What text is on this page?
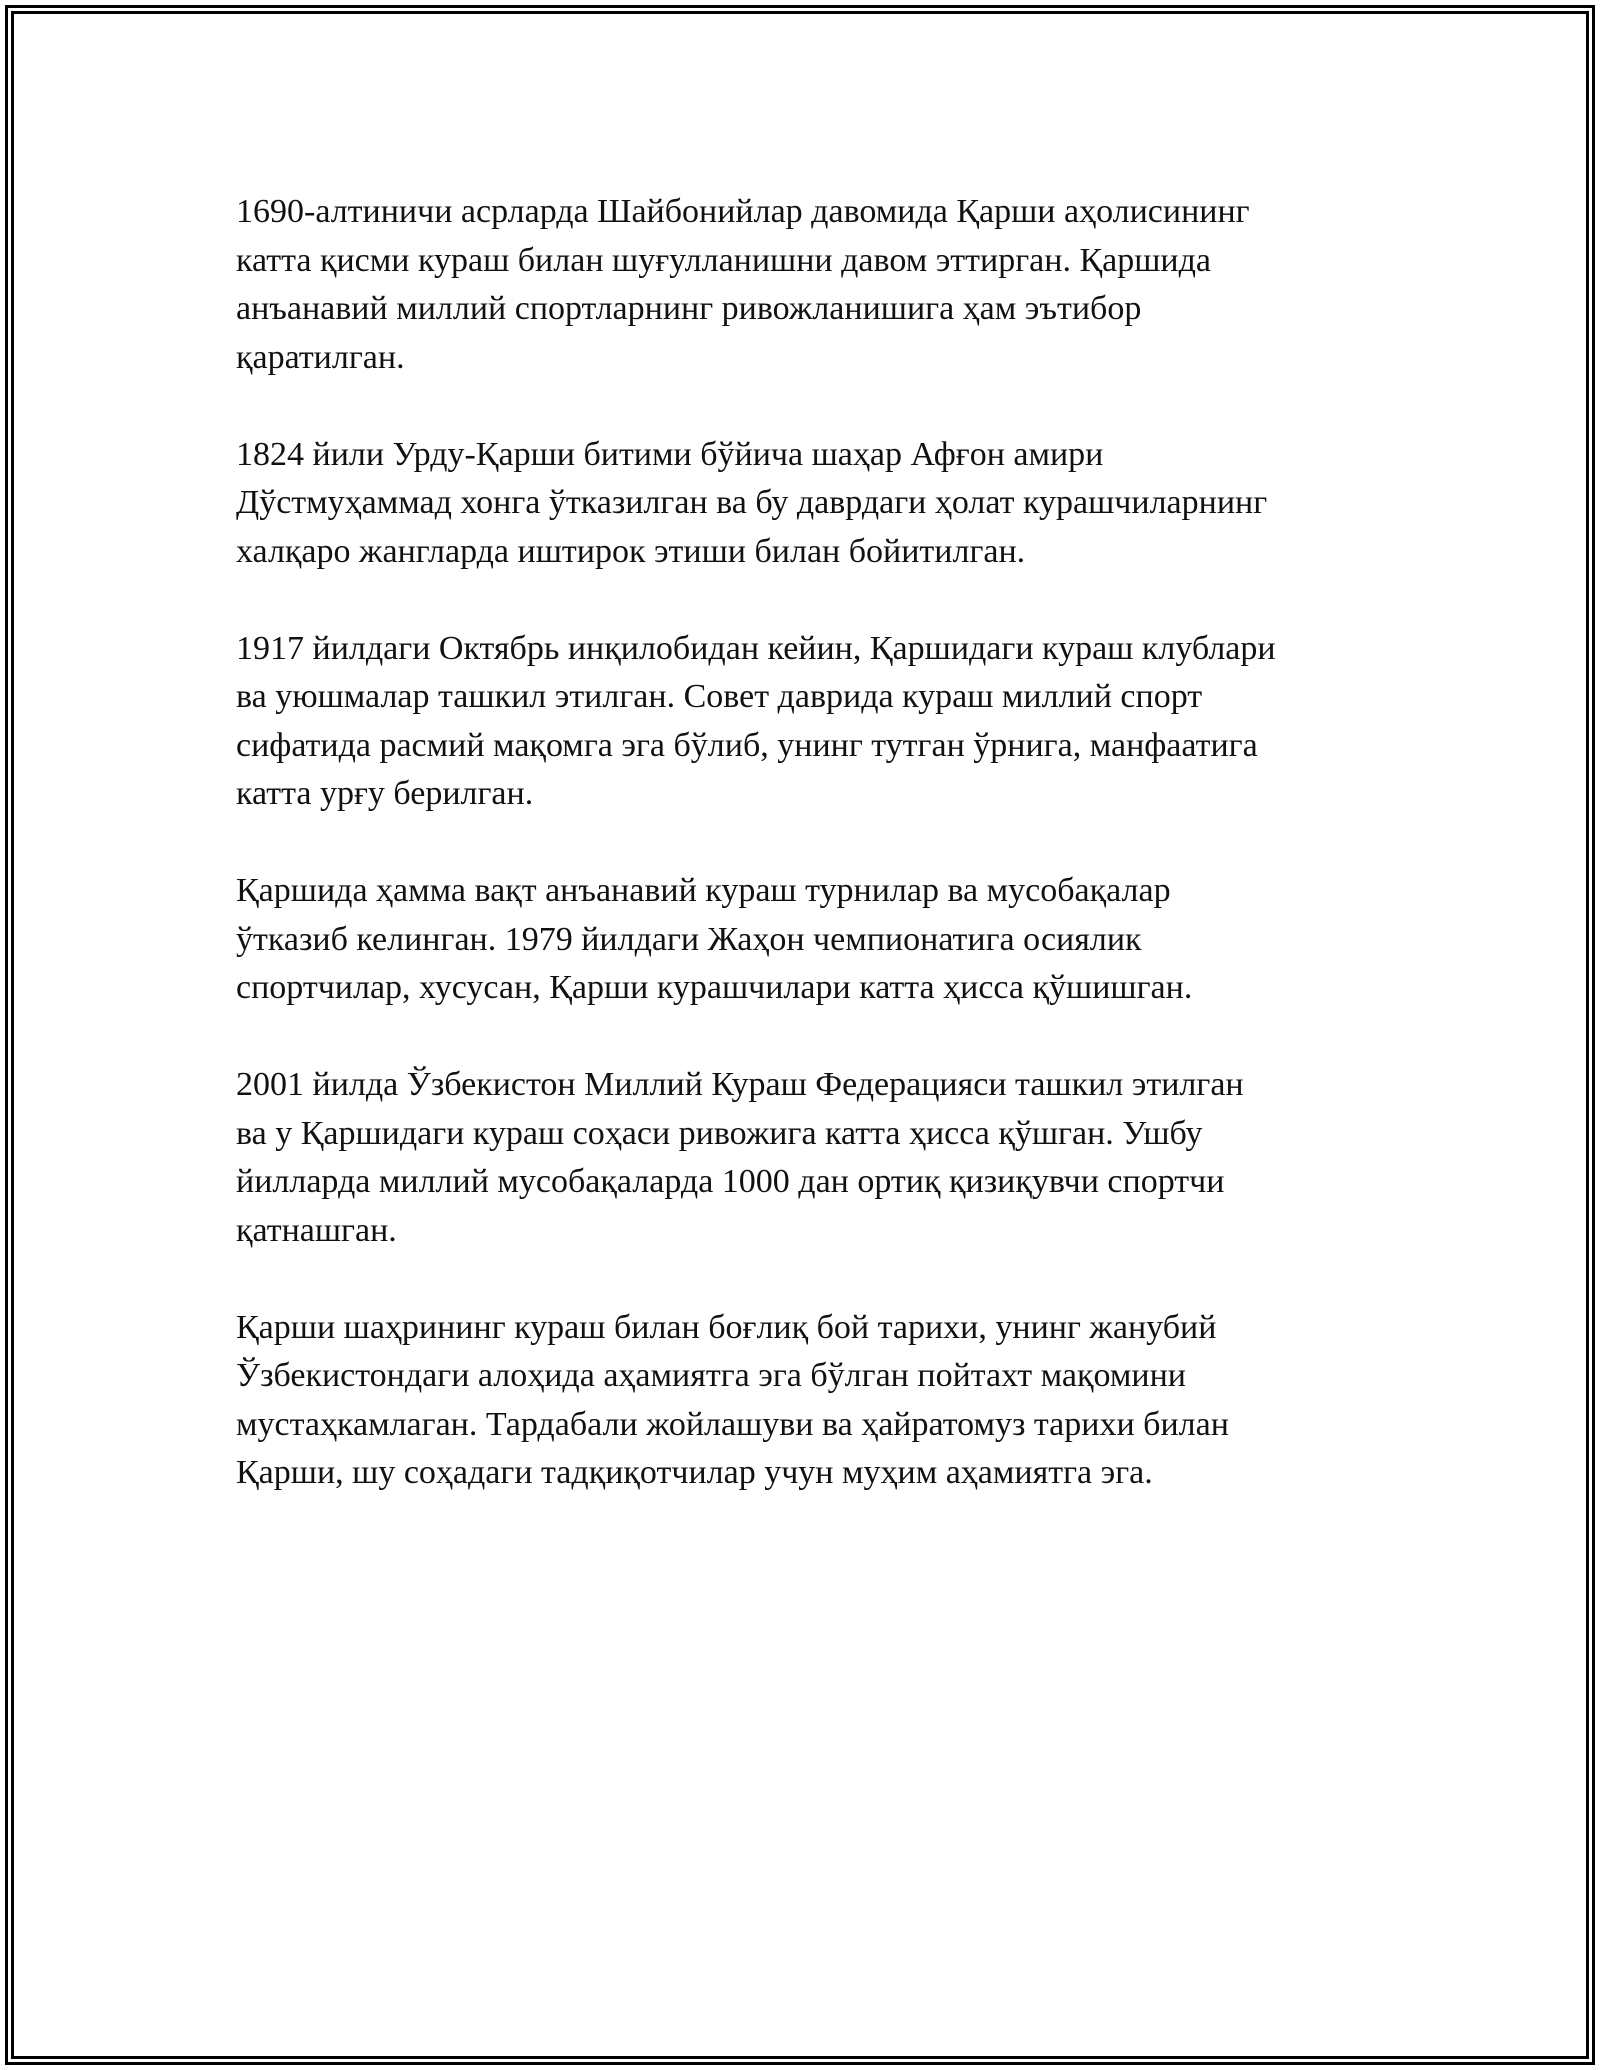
1690-алтиничи асрларда Шайбонийлар давомида Қарши аҳолисининг
катта қисми кураш билан шуғулланишни давом эттирган. Қаршида
анъанавий миллий спортларнинг ривожланишига ҳам эътибор
қаратилган.

1824 йили Урду-Қарши битими бўйича шаҳар Афғон амири
Дўстмуҳаммад хонга ўтказилган ва бу даврдаги ҳолат курашчиларнинг
халқаро жангларда иштирок этиши билан бойитилган.

1917 йилдаги Октябрь инқилобидан кейин, Қаршидаги кураш клублари
ва уюшмалар ташкил этилган. Совет даврида кураш миллий спорт
сифатида расмий мақомга эга бўлиб, унинг тутган ўрнига, манфаатига
катта урғу берилган.

Қаршида ҳамма вақт анъанавий кураш турнилар ва мусобақалар
ўтказиб келинган. 1979 йилдаги Жаҳон чемпионатига осиялик
спортчилар, хусусан, Қарши курашчилари катта ҳисса қўшишган.

2001 йилда Ўзбекистон Миллий Кураш Федерацияси ташкил этилган
ва у Қаршидаги кураш соҳаси ривожига катта ҳисса қўшган. Ушбу
йилларда миллий мусобақаларда 1000 дан ортиқ қизиқувчи спортчи
қатнашган.

Қарши шаҳрининг кураш билан боғлиқ бой тарихи, унинг жанубий
Ўзбекистондаги алоҳида аҳамиятга эга бўлган пойтахт мақомини
мустаҳкамлаган. Тардабали жойлашуви ва ҳайратомуз тарихи билан
Қарши, шу соҳадаги тадқиқотчилар учун муҳим аҳамиятга эга.
